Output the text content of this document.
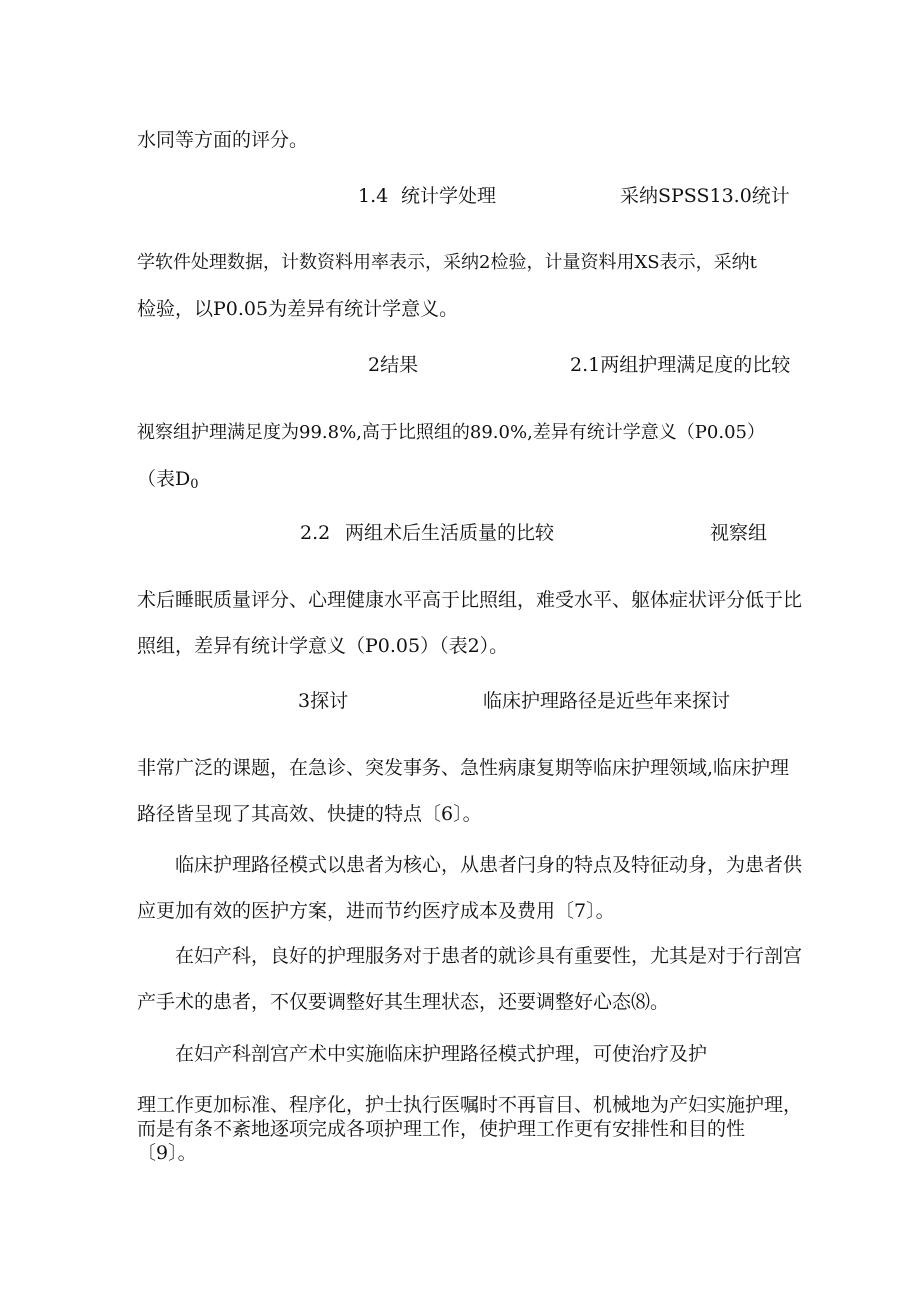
水同等方面的评分。
1.4 统计学处理	采纳SPSS13.0统计
学软件处理数据，计数资料用率表示，采纳2检验，计量资料用XS表示，采纳t
检验，以P0.05为差异有统计学意义。
2结果	2.1两组护理满足度的比较
视察组护理满足度为99.8%,高于比照组的89.0%,差异有统计学意义（P0.05）
（表$D_0$
2.2 两组术后生活质量的比较	视察组
术后睡眠质量评分、心理健康水平高于比照组，难受水平、躯体症状评分低于比
照组，差异有统计学意义（P0.05）（表2）。
3探讨	临床护理路径是近些年来探讨
非常广泛的课题，在急诊、突发事务、急性病康复期等临床护理领域,临床护理
路径皆呈现了其高效、快捷的特点〔6〕。
临床护理路径模式以患者为核心，从患者闩身的特点及特征动身，为患者供
应更加有效的医护方案，进而节约医疗成本及费用〔7〕。
在妇产科，良好的护理服务对于患者的就诊具有重要性，尤其是对于行剖宫
产手术的患者，不仅要调整好其生理状态，还要调整好心态⑻。
在妇产科剖宫产术中实施临床护理路径模式护理，可使治疗及护
理工作更加标准、程序化，护士执行医嘱时不再盲目、机械地为产妇实施护理，
而是有条不紊地逐项完成各项护理工作，使护理工作更有安排性和目的性
〔9〕。
